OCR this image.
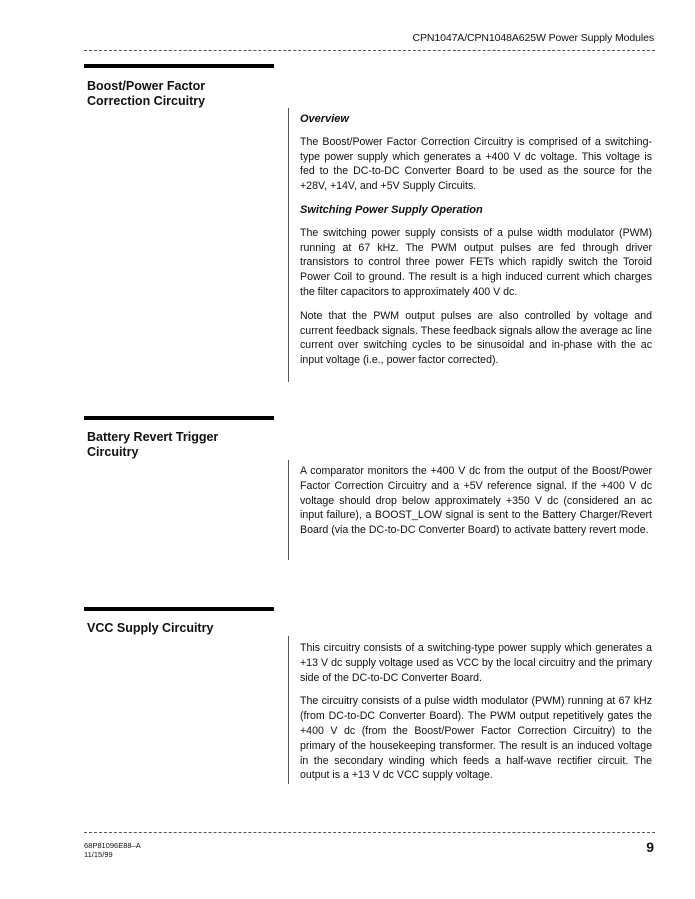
CPN1047A/CPN1048A625W Power Supply Modules
Boost/Power Factor Correction Circuitry
Overview

The Boost/Power Factor Correction Circuitry is comprised of a switching-type power supply which generates a +400 V dc voltage. This voltage is fed to the DC-to-DC Converter Board to be used as the source for the +28V, +14V, and +5V Supply Circuits.

Switching Power Supply Operation

The switching power supply consists of a pulse width modulator (PWM) running at 67 kHz. The PWM output pulses are fed through driver transistors to control three power FETs which rapidly switch the Toroid Power Coil to ground. The result is a high induced current which charges the filter capacitors to approximately 400 V dc.

Note that the PWM output pulses are also controlled by voltage and current feedback signals. These feedback signals allow the average ac line current over switching cycles to be sinusoidal and in-phase with the ac input voltage (i.e., power factor corrected).

Battery Revert Trigger Circuitry

A comparator monitors the +400 V dc from the output of the Boost/Power Factor Correction Circuitry and a +5V reference signal. If the +400 V dc voltage should drop below approximately +350 V dc (considered an ac input failure), a BOOST_LOW signal is sent to the Battery Charger/Revert Board (via the DC-to-DC Converter Board) to activate battery revert mode.

VCC Supply Circuitry

This circuitry consists of a switching-type power supply which generates a +13 V dc supply voltage used as VCC by the local circuitry and the primary side of the DC-to-DC Converter Board.

The circuitry consists of a pulse width modulator (PWM) running at 67 kHz (from DC-to-DC Converter Board). The PWM output repetitively gates the +400 V dc (from the Boost/Power Factor Correction Circuitry) to the primary of the housekeeping transformer. The result is an induced voltage in the secondary winding which feeds a half-wave rectifier circuit. The output is a +13 V dc VCC supply voltage.

68P81096E88–A
11/15/99	9
